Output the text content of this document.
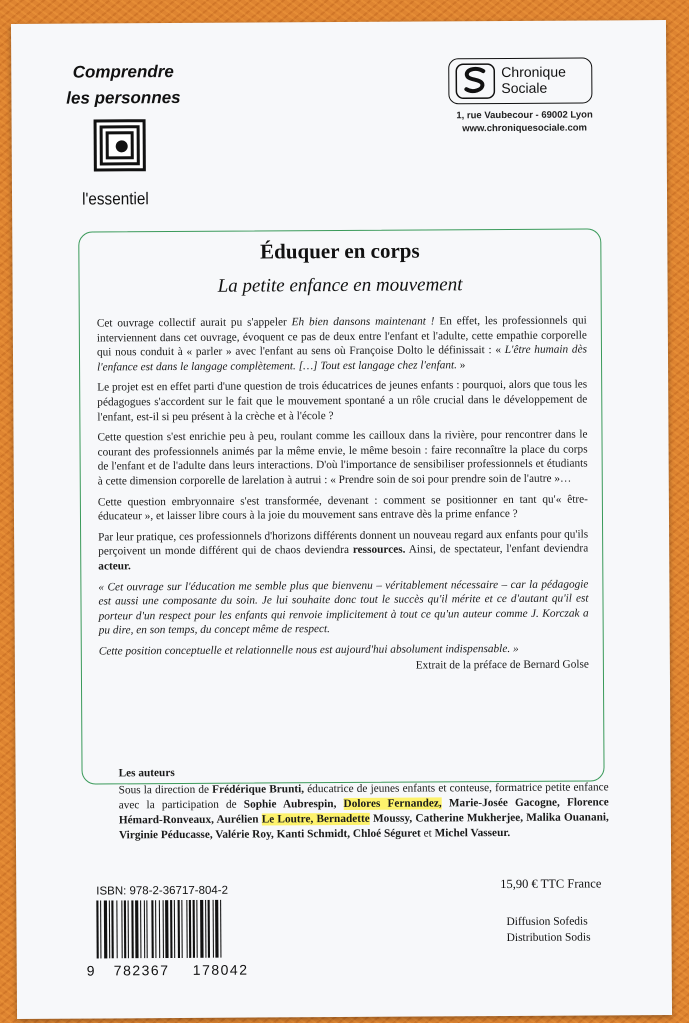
Comprendre
les personnes
l'essentiel
Chronique
Sociale
1, rue Vaubecour - 69002 Lyon
www.chroniquesociale.com
Éduquer en corps
La petite enfance en mouvement

Cet ouvrage collectif aurait pu s'appeler Eh bien dansons maintenant ! En effet, les professionnels qui interviennent dans cet ouvrage, évoquent ce pas de deux entre l'enfant et l'adulte, cette empathie corporelle qui nous conduit à « parler » avec l'enfant au sens où Françoise Dolto le définissait : « L'être humain dès l'enfance est dans le langage complètement. […] Tout est langage chez l'enfant. »

Le projet est en effet parti d'une question de trois éducatrices de jeunes enfants : pourquoi, alors que tous les pédagogues s'accordent sur le fait que le mouvement spontané a un rôle crucial dans le développement de l'enfant, est-il si peu présent à la crèche et à l'école ?

Cette question s'est enrichie peu à peu, roulant comme les cailloux dans la rivière, pour rencontrer dans le courant des professionnels animés par la même envie, le même besoin : faire reconnaître la place du corps de l'enfant et de l'adulte dans leurs interactions. D'où l'importance de sensibiliser professionnels et étudiants à cette dimension corporelle de larelation à autrui : « Prendre soin de soi pour prendre soin de l'autre »…

Cette question embryonnaire s'est transformée, devenant : comment se positionner en tant qu'« être-éducateur », et laisser libre cours à la joie du mouvement sans entrave dès la prime enfance ?

Par leur pratique, ces professionnels d'horizons différents donnent un nouveau regard aux enfants pour qu'ils perçoivent un monde différent qui de chaos deviendra ressources. Ainsi, de spectateur, l'enfant deviendra acteur.

« Cet ouvrage sur l'éducation me semble plus que bienvenu – véritablement nécessaire – car la pédagogie est aussi une composante du soin. Je lui souhaite donc tout le succès qu'il mérite et ce d'autant qu'il est porteur d'un respect pour les enfants qui renvoie implicitement à tout ce qu'un auteur comme J. Korczak a pu dire, en son temps, du concept même de respect.

Cette position conceptuelle et relationnelle nous est aujourd'hui absolument indispensable. »

Extrait de la préface de Bernard Golse

Les auteurs

Sous la direction de Frédérique Brunti, éducatrice de jeunes enfants et conteuse, formatrice petite enfance avec la participation de Sophie Aubrespin, Dolores Fernandez, Marie-Josée Gacogne, Florence Hémard-Ronveaux, Aurélien Le Loutre, Bernadette Moussy, Catherine Mukherjee, Malika Ouanani, Virginie Péducasse, Valérie Roy, Kanti Schmidt, Chloé Séguret et Michel Vasseur.

ISBN: 978-2-36717-804-2
9 782367 178042
15,90 € TTC France
Diffusion Sofedis
Distribution Sodis
